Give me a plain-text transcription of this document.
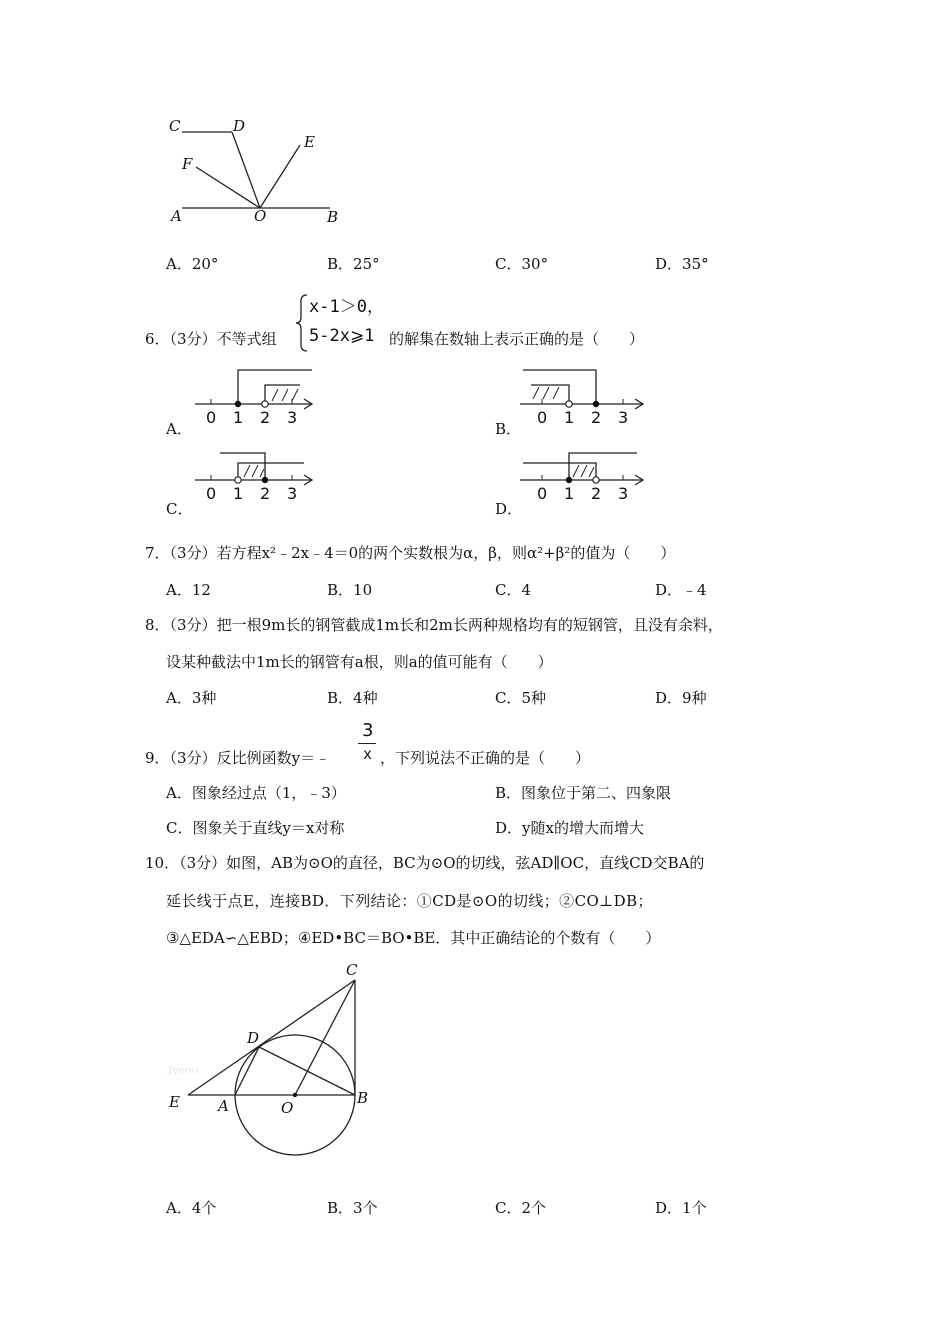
C	D
E
F
A	O	B
A．20°	B．25°	C．30°	D．35°
6．（3分）不等式组
x-1＞0，
5-2x⩾1 的解集在数轴上表示正确的是（　　）
A．
0 1 2 3
B．
0 1 2 3
C．
0 1 2 3
D．
0 1 2 3
7．（3分）若方程x²﹣2x﹣4＝0的两个实数根为α，β，则α²+β²的值为（　　）
A．12	B．10	C．4	D．﹣4
8．（3分）把一根9m长的钢管截成1m长和2m长两种规格均有的短钢管，且没有余料，
设某种截法中1m长的钢管有a根，则a的值可能有（　　）
A．3种	B．4种	C．5种	D．9种
9．（3分）反比例函数y＝﹣
3
x ，下列说法不正确的是（　　）
A．图象经过点（1，﹣3）	B．图象位于第二、四象限
C．图象关于直线y＝x对称	D．y随x的增大而增大
10．（3分）如图，AB为⊙O的直径，BC为⊙O的切线，弦AD∥OC，直线CD交BA的
延长线于点E，连接BD．下列结论：①CD是⊙O的切线；②CO⊥DB；
③△EDA∽△EBD；④ED•BC＝BO•BE．其中正确结论的个数有（　　）
Jyeoo
C
D
E	A	O
B
A．4个	B．3个	C．2个	D．1个
